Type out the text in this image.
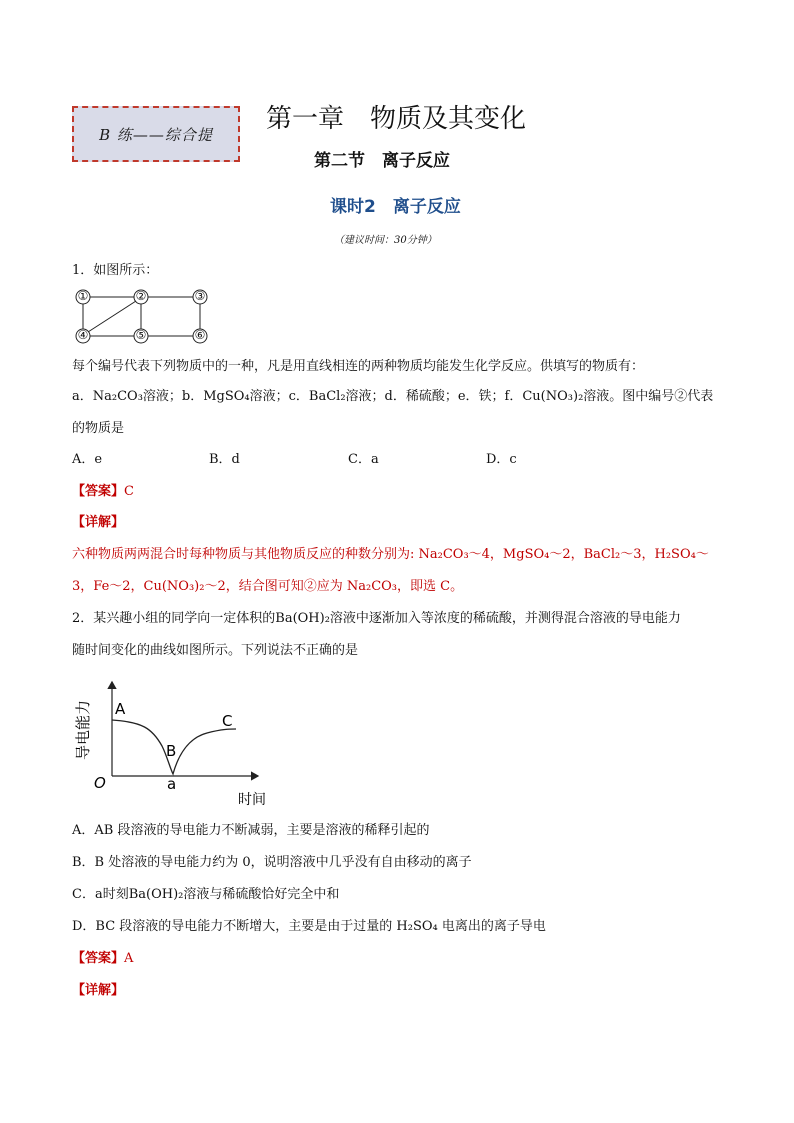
B 练——综合提
第一章　物质及其变化
第二节　离子反应
课时2　离子反应
（建议时间：30分钟）
1．如图所示：
①	②	③
④	⑤	⑥
每个编号代表下列物质中的一种，凡是用直线相连的两种物质均能发生化学反应。供填写的物质有：
a．Na₂CO₃溶液；b．MgSO₄溶液；c．BaCl₂溶液；d．稀硫酸；e．铁；f．Cu(NO₃)₂溶液。图中编号②代表
的物质是
A．e	B．d	C．a	D．c
【答案】C
【详解】
六种物质两两混合时每种物质与其他物质反应的种数分别为: Na₂CO₃～4，MgSO₄～2，BaCl₂～3，H₂SO₄～
3，Fe～2，Cu(NO₃)₂～2，结合图可知②应为 Na₂CO₃，即选 C。
2．某兴趣小组的同学向一定体积的Ba(OH)₂溶液中逐渐加入等浓度的稀硫酸，并测得混合溶液的导电能力
随时间变化的曲线如图所示。下列说法不正确的是
导电能力 A
B
C
O	a
时间
A．AB 段溶液的导电能力不断减弱，主要是溶液的稀释引起的
B．B 处溶液的导电能力约为 0，说明溶液中几乎没有自由移动的离子
C．a时刻Ba(OH)₂溶液与稀硫酸恰好完全中和
D．BC 段溶液的导电能力不断增大，主要是由于过量的 H₂SO₄ 电离出的离子导电
【答案】A
【详解】
